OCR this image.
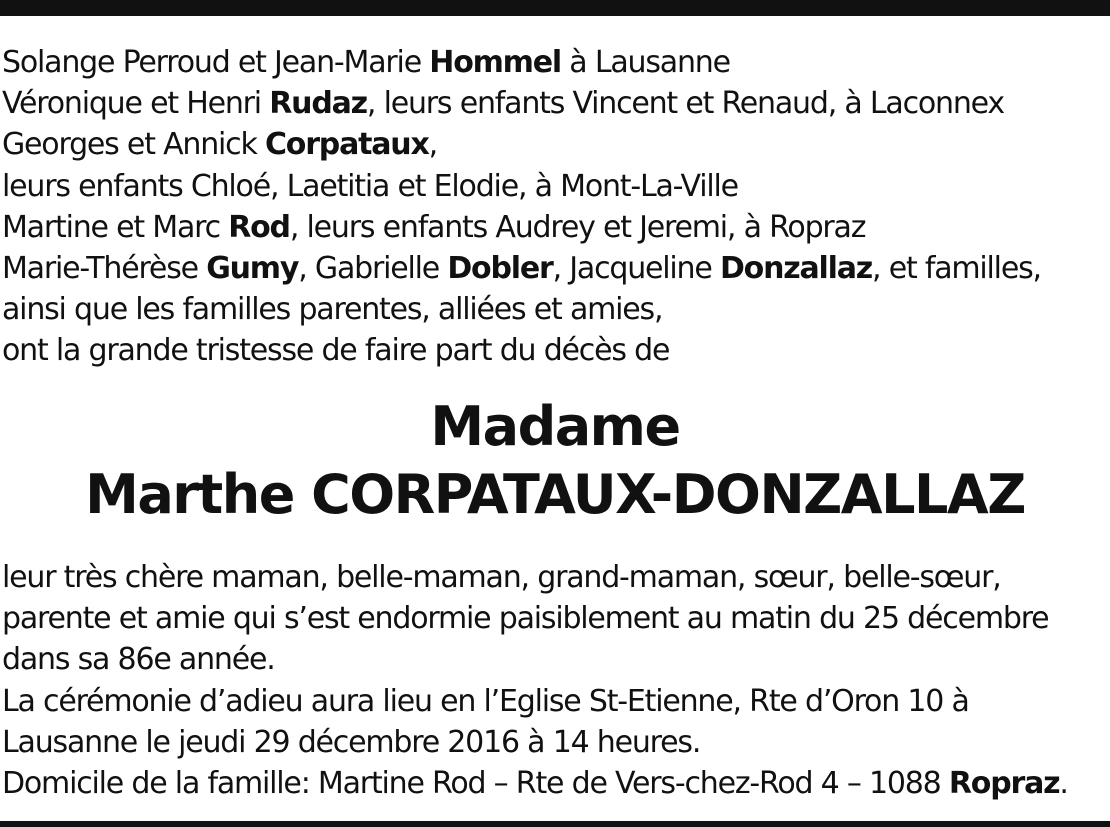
Solange Perroud et Jean-Marie Hommel à Lausanne
Véronique et Henri Rudaz, leurs enfants Vincent et Renaud, à Laconnex
Georges et Annick Corpataux,
leurs enfants Chloé, Laetitia et Elodie, à Mont-La-Ville
Martine et Marc Rod, leurs enfants Audrey et Jeremi, à Ropraz
Marie-Thérèse Gumy, Gabrielle Dobler, Jacqueline Donzallaz, et familles,
ainsi que les familles parentes, alliées et amies,
ont la grande tristesse de faire part du décès de
Madame
Marthe CORPATAUX-DONZALLAZ
leur très chère maman, belle-maman, grand-maman, sœur, belle-sœur,
parente et amie qui s’est endormie paisiblement au matin du 25 décembre
dans sa 86e année.
La cérémonie d’adieu aura lieu en l’Eglise St-Etienne, Rte d’Oron 10 à
Lausanne le jeudi 29 décembre 2016 à 14 heures.
Domicile de la famille: Martine Rod – Rte de Vers-chez-Rod 4 – 1088 Ropraz.
